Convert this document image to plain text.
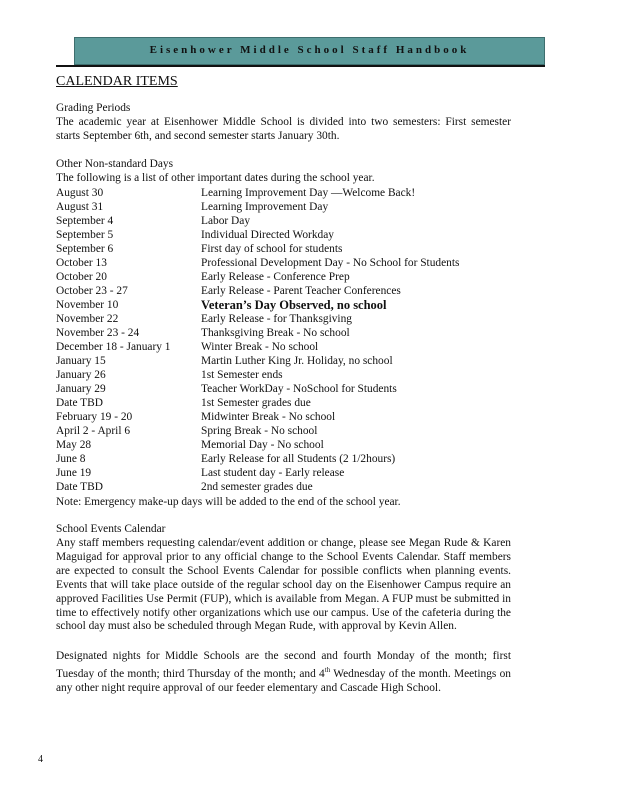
Eisenhower Middle School Staff Handbook
CALENDAR ITEMS
Grading Periods
The academic year at Eisenhower Middle School is divided into two semesters: First semester starts September 6th, and second semester starts January 30th.
Other Non-standard Days
The following is a list of other important dates during the school year.
August 30	Learning Improvement Day —Welcome Back!
August 31	Learning Improvement Day
September 4	Labor Day
September 5	Individual Directed Workday
September 6	First day of school for students
October 13	Professional Development Day - No School for Students
October 20	Early Release - Conference Prep
October 23 - 27	Early Release - Parent Teacher Conferences
November 10	Veteran’s Day Observed, no school
November 22	Early Release - for Thanksgiving
November 23 - 24	Thanksgiving Break - No school
December 18 - January 1	Winter Break - No school
January 15	Martin Luther King Jr. Holiday, no school
January 26	1st Semester ends
January 29	Teacher WorkDay - NoSchool for Students
Date TBD	1st Semester grades due
February 19 - 20	Midwinter Break - No school
April 2 - April 6	Spring Break - No school
May 28	Memorial Day - No school
June 8	Early Release for all Students (2 1/2hours)
June 19	Last student day - Early release
Date TBD	2nd semester grades due
Note: Emergency make-up days will be added to the end of the school year.
School Events Calendar
Any staff members requesting calendar/event addition or change, please see Megan Rude & Karen Maguigad for approval prior to any official change to the School Events Calendar. Staff members are expected to consult the School Events Calendar for possible conflicts when planning events. Events that will take place outside of the regular school day on the Eisenhower Campus require an approved Facilities Use Permit (FUP), which is available from Megan. A FUP must be submitted in time to effectively notify other organizations which use our campus. Use of the cafeteria during the school day must also be scheduled through Megan Rude, with approval by Kevin Allen.
Designated nights for Middle Schools are the second and fourth Monday of the month; first Tuesday of the month; third Thursday of the month; and 4th Wednesday of the month. Meetings on any other night require approval of our feeder elementary and Cascade High School.
4
